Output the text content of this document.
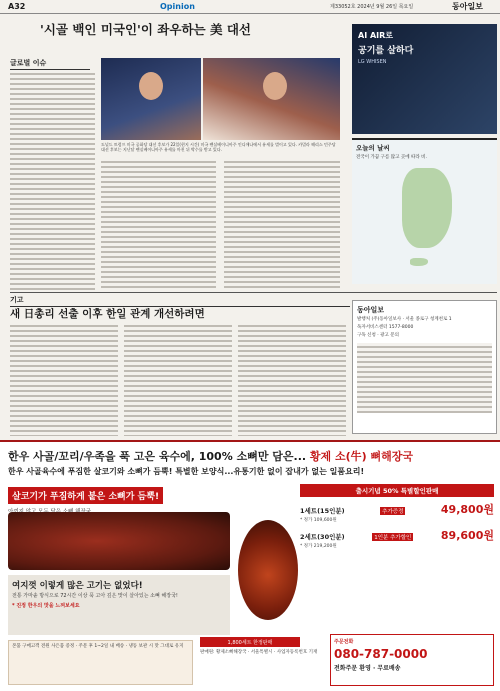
A32	Opinion	제33052호 2024년 9월 26일 목요일	동아일보
'시골 백인 미국인'이 좌우하는 美 대선
글로벌 이슈
도널드 트럼프 미국 공화당 대선 후보가 22일(현지 시간) 미국 펜실베이니아주 인디애나에서 유세를 벌이고 있다. 카멀라 해리스 민주당 대선 후보는 지난달 펜실베이니아주 유세를 마친 뒤 박수를 받고 있다.
AI AIR로
공기를 살하다
LG WHISEN
오늘의 날씨
전국이 가끔 구름 많고 곳에 따라 비.
기고
새 日총리 선출 이후 한일 관계 개선하려면	동아일보
발행처 (주)동아일보사 · 서울 종로구 청계천로 1
독자서비스센터 1577-8000
구독 신청 · 광고 문의
한우 사골/꼬리/우족을 푹 고은 육수에, 100% 소뼈만 담은... 황제 소(牛) 뼈해장국
한우 사골육수에 푸짐한 살코기와 소뼈가 듬뿍! 특별한 보양식...유통기한 없이 잡내가 없는 일품요리!
살코기가 푸짐하게 붙은 소뼈가 듬뿍!
여지껏 이렇게 많은 고기는 없었다!
전통 가마솥 방식으로 72시간 이상 푹 고아 깊은 맛이 살아있는 소뼈 해장국!
* 진정 한우의 맛을 느껴보세요
출시기념 50% 특별할인판매
1세트(15인분)	추가증정	49,800원
* 정가 109,600원
2세트(30인분)	1인분 추가할인	89,600원
* 정가 219,200원
1,800세트 한정판매
본품 구매고객 전원 사은품 증정 · 주문 후 1~2일 내 배송 · 냉동 보관 시 맛 그대로 유지
판매원: 황제소뼈해장국 · 서울특별시 · 사업자등록번호 기재
주문전화
080-787-0000
전화주문 환영 · 무료배송
